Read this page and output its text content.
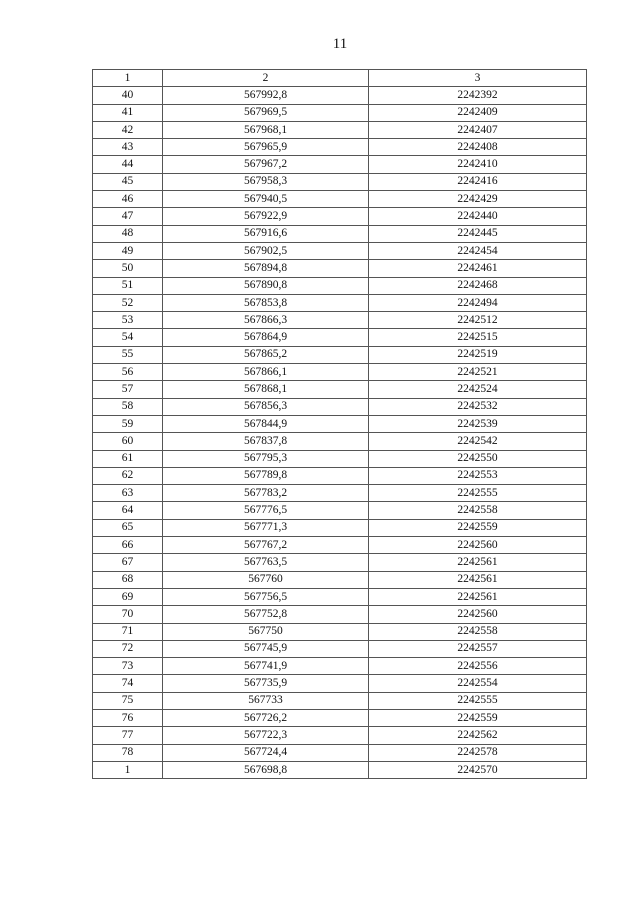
11
1	2	3
40	567992,8	2242392
41	567969,5	2242409
42	567968,1	2242407
43	567965,9	2242408
44	567967,2	2242410
45	567958,3	2242416
46	567940,5	2242429
47	567922,9	2242440
48	567916,6	2242445
49	567902,5	2242454
50	567894,8	2242461
51	567890,8	2242468
52	567853,8	2242494
53	567866,3	2242512
54	567864,9	2242515
55	567865,2	2242519
56	567866,1	2242521
57	567868,1	2242524
58	567856,3	2242532
59	567844,9	2242539
60	567837,8	2242542
61	567795,3	2242550
62	567789,8	2242553
63	567783,2	2242555
64	567776,5	2242558
65	567771,3	2242559
66	567767,2	2242560
67	567763,5	2242561
68	567760	2242561
69	567756,5	2242561
70	567752,8	2242560
71	567750	2242558
72	567745,9	2242557
73	567741,9	2242556
74	567735,9	2242554
75	567733	2242555
76	567726,2	2242559
77	567722,3	2242562
78	567724,4	2242578
1	567698,8	2242570
